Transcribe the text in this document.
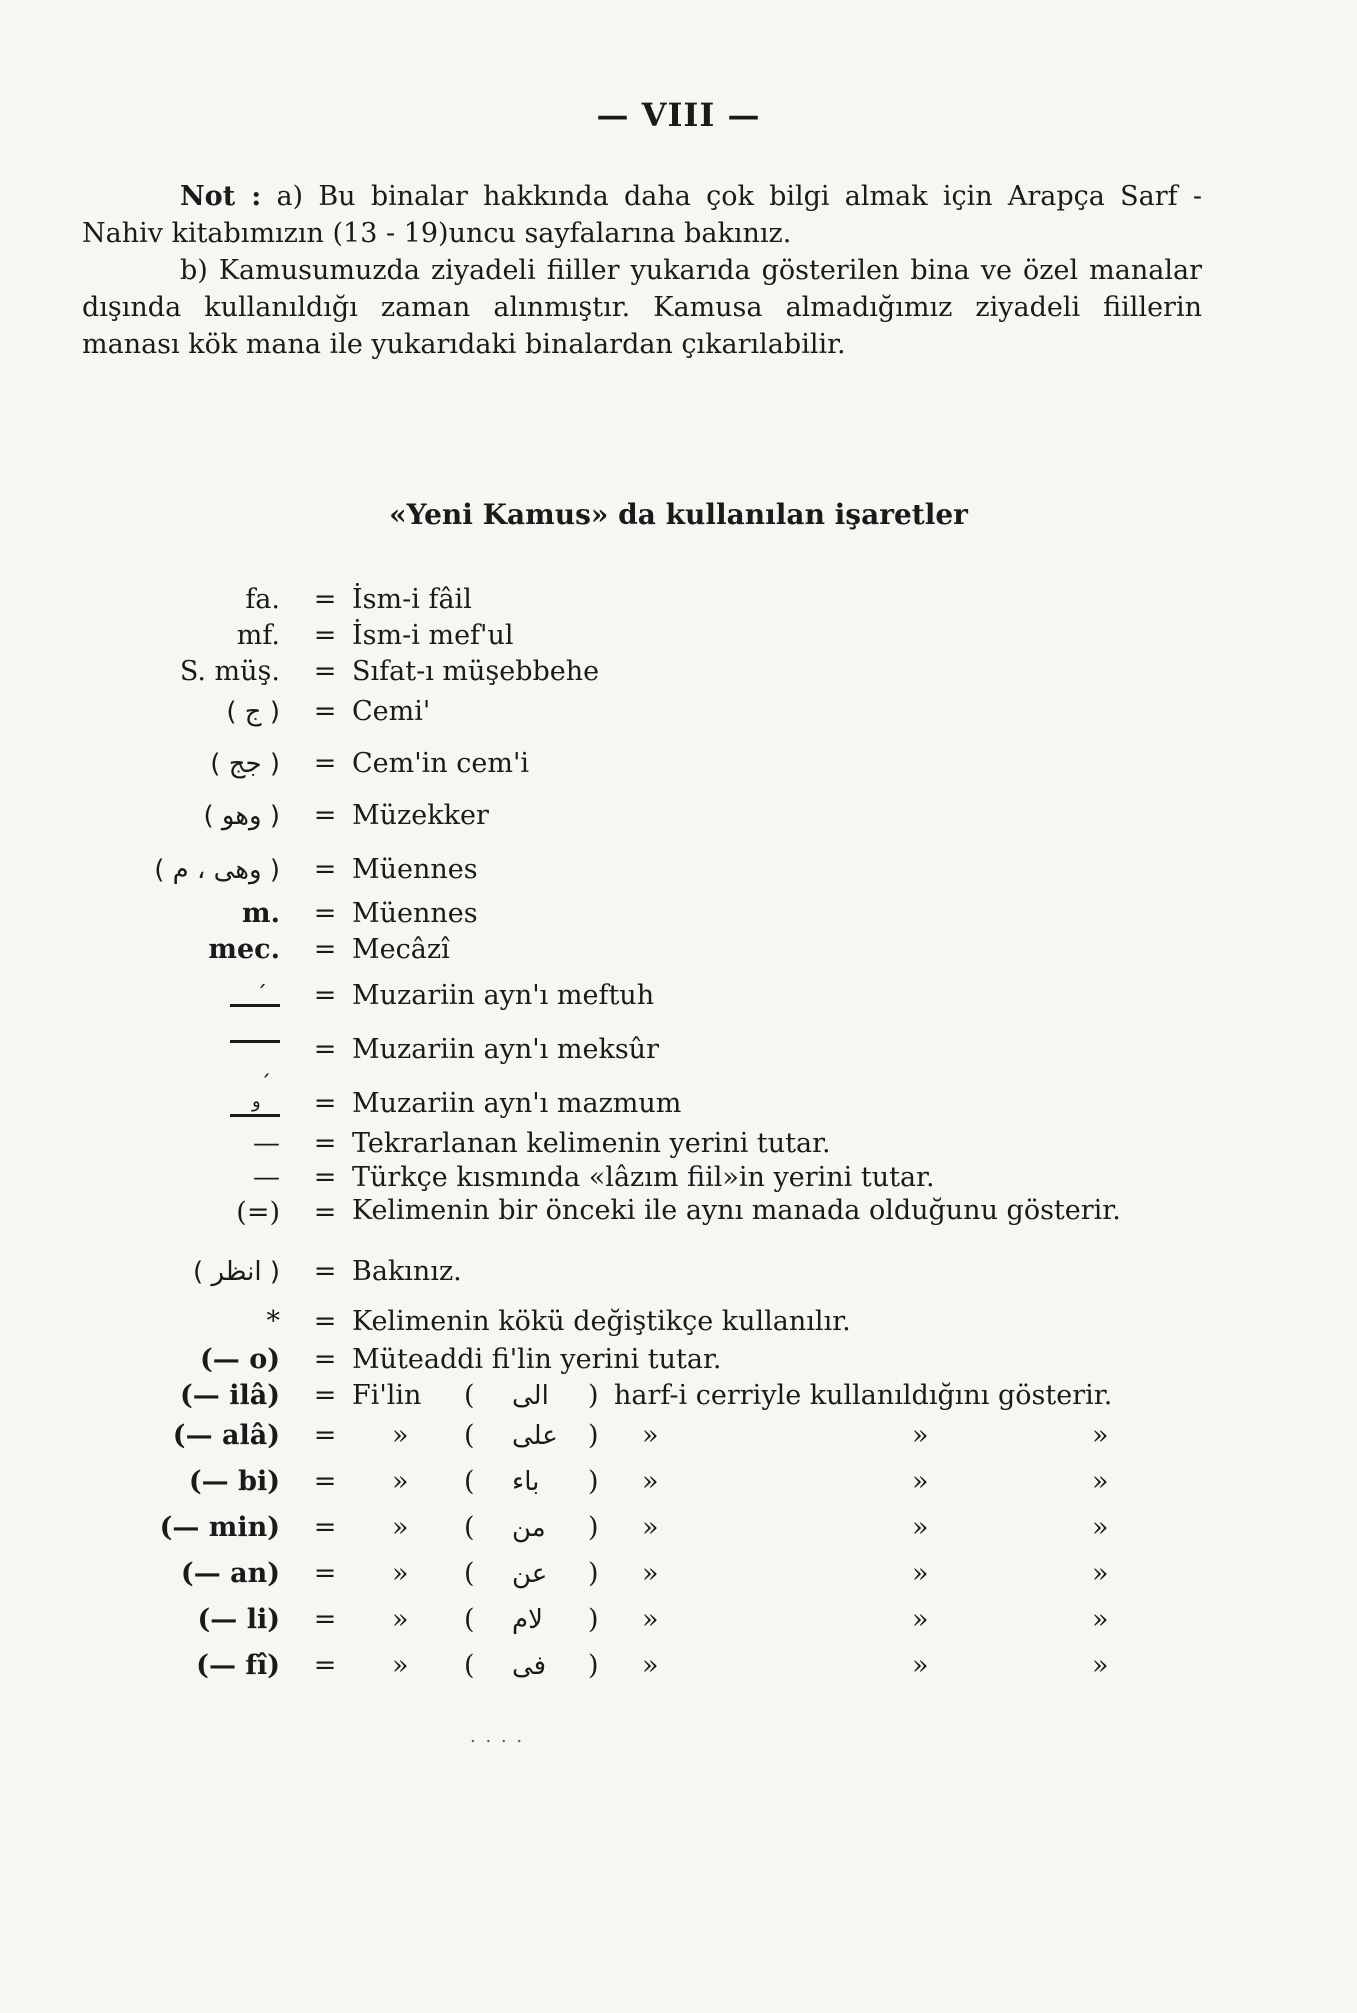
— VIII —

Not : a) Bu binalar hakkında daha çok bilgi almak için Arapça Sarf - Nahiv kitabımızın (13 - 19)uncu sayfalarına bakınız.

b) Kamusumuzda ziyadeli fiiller yukarıda gösterilen bina ve özel manalar dışında kullanıldığı zaman alınmıştır. Kamusa almadığımız ziyadeli fiillerin manası kök mana ile yukarıdaki binalardan çıkarılabilir.

«Yeni Kamus» da kullanılan işaretler
fa. = İsm-i fâil
mf. = İsm-i mef'ul
S. müş. = Sıfat-ı müşebbehe
( ج ) = Cemi'
( جج ) = Cem'in cem'i
( وهو ) = Müzekker
( وهى ، م ) = Müennes
m. = Müennes
mec. = Mecâzî
ˊ = Muzariin ayn'ı meftuh
ˏ = Muzariin ayn'ı meksûr
و = Muzariin ayn'ı mazmum
— = Tekrarlanan kelimenin yerini tutar.
— = Türkçe kısmında «lâzım fiil»in yerini tutar.
(=) = Kelimenin bir önceki ile aynı manada olduğunu gösterir.
( انظر ) = Bakınız.
* = Kelimenin kökü değiştikçe kullanılır.
(— o) = Müteaddi fi'lin yerini tutar.
(— ilâ) = Fi'lin ( الى ) harf-i cerriyle kullanıldığını gösterir.
(— alâ) = » ( على ) »	»	»
(— bi) = » ( باء ) »	»	»
(— min) = » ( من ) »	»	»
(— an) = » ( عن ) »	»	»
(— li) = » ( لام ) »	»	»
(— fî) = » ( فى ) »	»	»
. . . .
